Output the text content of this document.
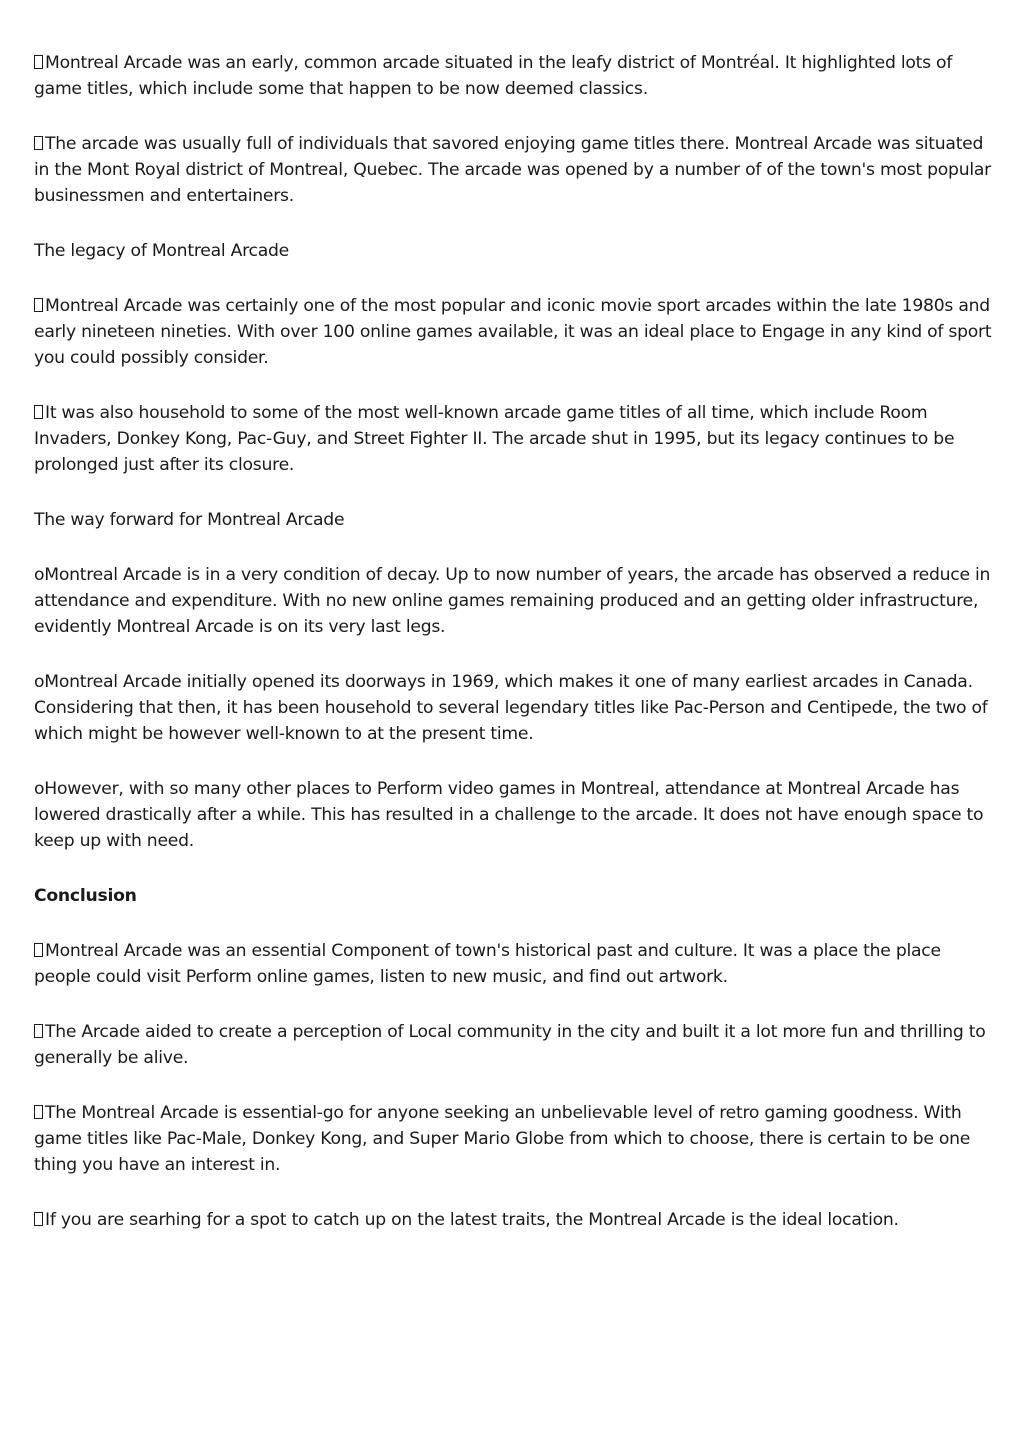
Montreal Arcade was an early, common arcade situated in the leafy district of Montréal. It highlighted lots of game titles, which include some that happen to be now deemed classics.

The arcade was usually full of individuals that savored enjoying game titles there. Montreal Arcade was situated in the Mont Royal district of Montreal, Quebec. The arcade was opened by a number of of the town's most popular businessmen and entertainers.

The legacy of Montreal Arcade

Montreal Arcade was certainly one of the most popular and iconic movie sport arcades within the late 1980s and early nineteen nineties. With over 100 online games available, it was an ideal place to Engage in any kind of sport you could possibly consider.

It was also household to some of the most well-known arcade game titles of all time, which include Room Invaders, Donkey Kong, Pac-Guy, and Street Fighter II. The arcade shut in 1995, but its legacy continues to be prolonged just after its closure.

The way forward for Montreal Arcade

oMontreal Arcade is in a very condition of decay. Up to now number of years, the arcade has observed a reduce in attendance and expenditure. With no new online games remaining produced and an getting older infrastructure, evidently Montreal Arcade is on its very last legs.

oMontreal Arcade initially opened its doorways in 1969, which makes it one of many earliest arcades in Canada. Considering that then, it has been household to several legendary titles like Pac-Person and Centipede, the two of which might be however well-known to at the present time.

oHowever, with so many other places to Perform video games in Montreal, attendance at Montreal Arcade has lowered drastically after a while. This has resulted in a challenge to the arcade. It does not have enough space to keep up with need.

Conclusion

Montreal Arcade was an essential Component of town's historical past and culture. It was a place the place people could visit Perform online games, listen to new music, and find out artwork.

The Arcade aided to create a perception of Local community in the city and built it a lot more fun and thrilling to generally be alive.

The Montreal Arcade is essential-go for anyone seeking an unbelievable level of retro gaming goodness. With game titles like Pac-Male, Donkey Kong, and Super Mario Globe from which to choose, there is certain to be one thing you have an interest in.

If you are searhing for a spot to catch up on the latest traits, the Montreal Arcade is the ideal location.
